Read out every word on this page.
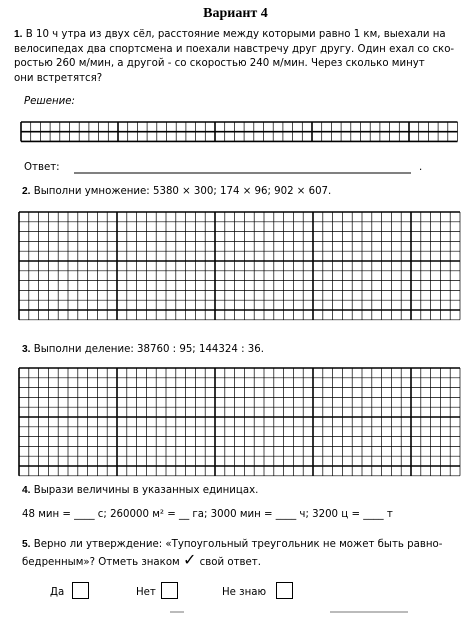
Вариант 4
1. В 10 ч утра из двух сёл, расстояние между которыми равно 1 км, выехали на
велосипедах два спортсмена и поехали навстречу друг другу. Один ехал со ско-
ростью 260 м/мин, а другой - со скоростью 240 м/мин. Через сколько минут
они встретятся?
Решение:
Ответ:	.
2. Выполни умножение: 5380 × 300; 174 × 96; 902 × 607.
3. Выполни деление: 38760 : 95; 144324 : 36.
4. Вырази величины в указанных единицах.
48 мин = ____ с; 260000 м² = __ га; 3000 мин = ____ ч; 3200 ц = ____ т
5. Верно ли утверждение: «Тупоугольный треугольник не может быть равно-
бедренным»? Отметь знаком ✓ свой ответ.
Да	Нет	Не знаю
